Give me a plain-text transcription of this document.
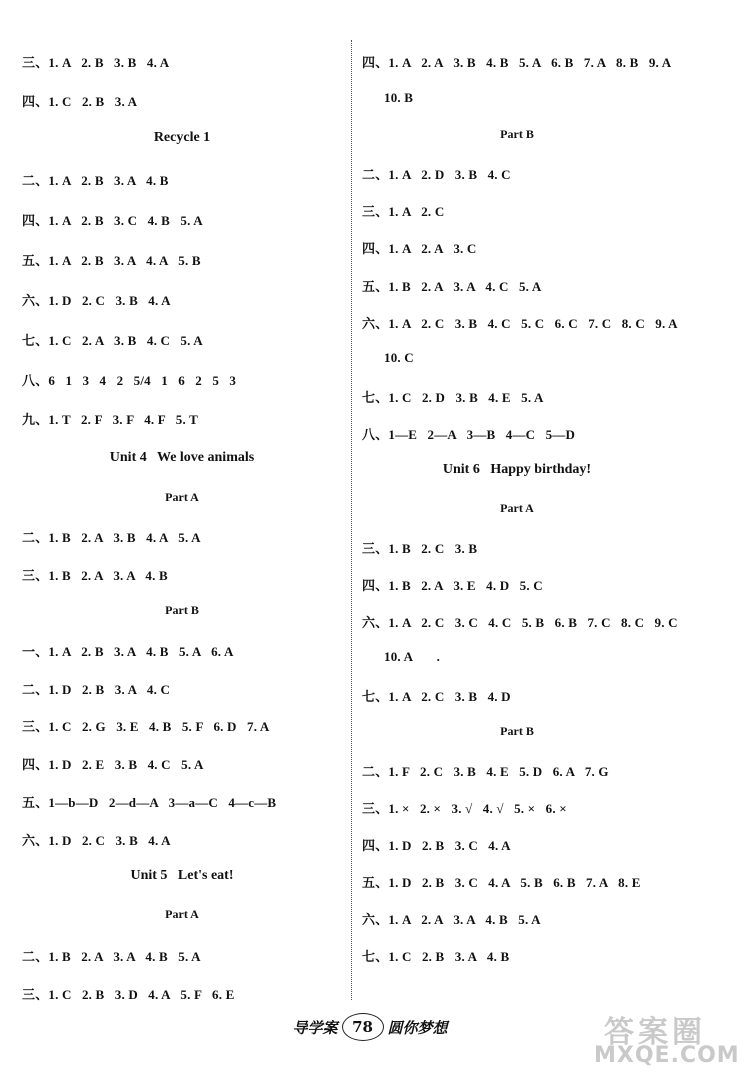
三、1. A   2. B   3. B   4. A
四、1. C   2. B   3. A
Recycle 1
二、1. A   2. B   3. A   4. B
四、1. A   2. B   3. C   4. B   5. A
五、1. A   2. B   3. A   4. A   5. B
六、1. D   2. C   3. B   4. A
七、1. C   2. A   3. B   4. C   5. A
八、6   1   3   4   2   5/4   1   6   2   5   3
九、1. T   2. F   3. F   4. F   5. T
Unit 4   We love animals
Part A
二、1. B   2. A   3. B   4. A   5. A
三、1. B   2. A   3. A   4. B
Part B
一、1. A   2. B   3. A   4. B   5. A   6. A
二、1. D   2. B   3. A   4. C
三、1. C   2. G   3. E   4. B   5. F   6. D   7. A
四、1. D   2. E   3. B   4. C   5. A
五、1—b—D   2—d—A   3—a—C   4—c—B
六、1. D   2. C   3. B   4. A
Unit 5   Let's eat!
Part A
二、1. B   2. A   3. A   4. B   5. A
三、1. C   2. B   3. D   4. A   5. F   6. E
四、1. A   2. A   3. B   4. B   5. A   6. B   7. A   8. B   9. A
10. B
Part B
二、1. A   2. D   3. B   4. C
三、1. A   2. C
四、1. A   2. A   3. C
五、1. B   2. A   3. A   4. C   5. A
六、1. A   2. C   3. B   4. C   5. C   6. C   7. C   8. C   9. A
10. C
七、1. C   2. D   3. B   4. E   5. A
八、1—E   2—A   3—B   4—C   5—D
Unit 6   Happy birthday!
Part A
三、1. B   2. C   3. B
四、1. B   2. A   3. E   4. D   5. C
六、1. A   2. C   3. C   4. C   5. B   6. B   7. C   8. C   9. C
10. A       .
七、1. A   2. C   3. B   4. D
Part B
二、1. F   2. C   3. B   4. E   5. D   6. A   7. G
三、1. ×   2. ×   3. √   4. √   5. ×   6. ×
四、1. D   2. B   3. C   4. A
五、1. D   2. B   3. C   4. A   5. B   6. B   7. A   8. E
六、1. A   2. A   3. A   4. B   5. A
七、1. C   2. B   3. A   4. B
导学案 78 圆你梦想	答案圈
MXQE.COM
